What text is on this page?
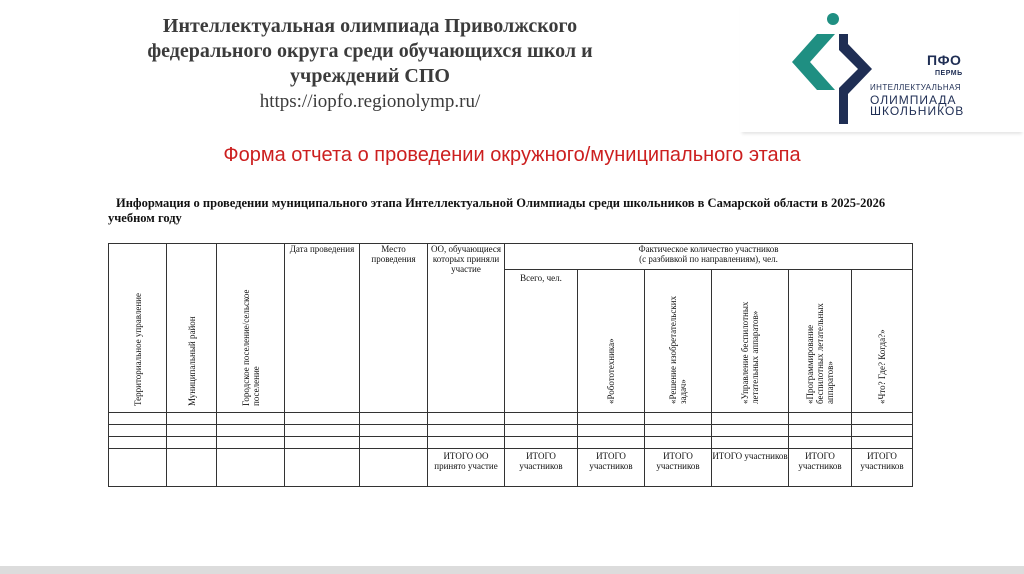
Интеллектуальная олимпиада Приволжского
федерального округа среди обучающихся школ и
учреждений СПО
https://iopfo.regionolymp.ru/
ПФО
ПЕРМЬ
ИНТЕЛЛЕКТУАЛЬНАЯ
ОЛИМПИАДА
ШКОЛЬНИКОВ
Форма отчета о проведении окружного/муниципального этапа
Информация о проведении муниципального этапа Интеллектуальной Олимпиады среди школьников в Самарской области в 2025-2026 учебном году
Территориальное управление	Муниципальный район	Городское поселение/сельское поселение	Дата проведения	Место проведения	ОО, обучающиеся которых приняли участие	Фактическое количество участников
(с разбивкой по направлениям), чел.					

						Всего, чел.	«Робототехника»	«Решение изобретательских задач»	«Управление беспилотных летательных аппаратов»	«Программирование беспилотных летательных аппаратов»	«Что? Где? Когда?»

					ИТОГО ОО принято участие	ИТОГО участников	ИТОГО участников	ИТОГО участников	ИТОГО участников	ИТОГО участников	ИТОГО участников
